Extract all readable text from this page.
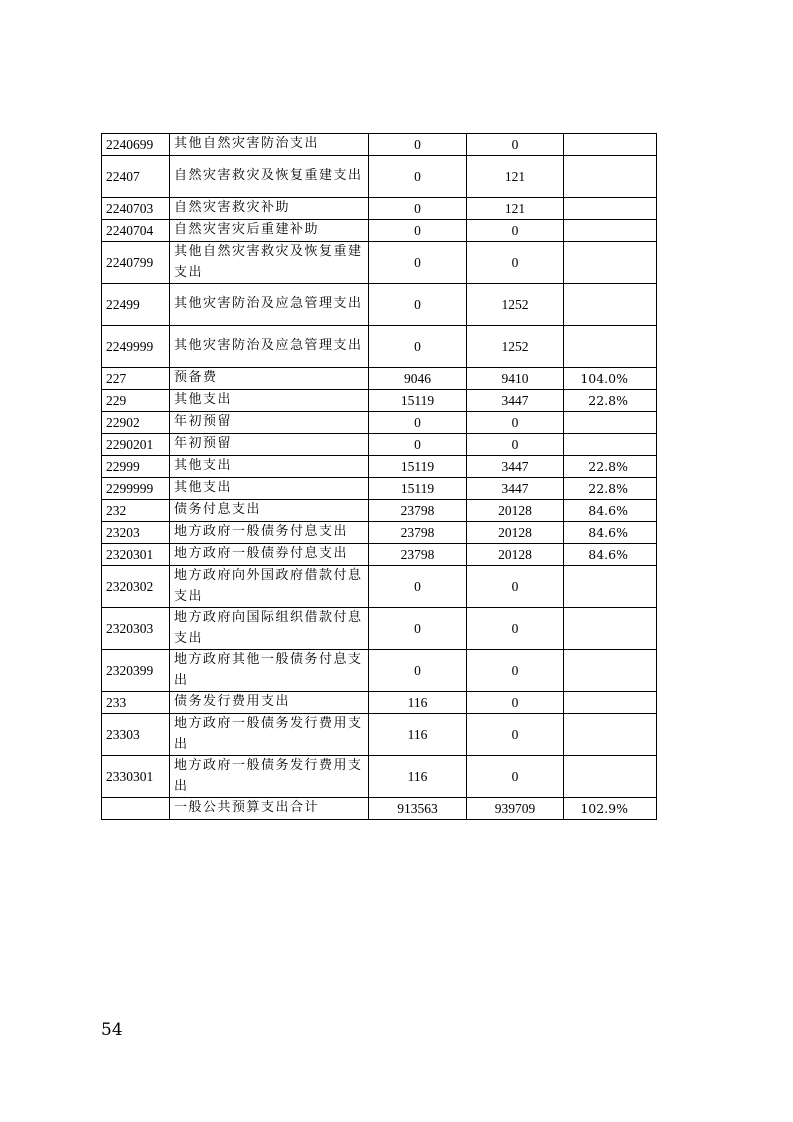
2240699	其他自然灾害防治支出	0	0	
22407	自然灾害救灾及恢复重建支出	0	121	
2240703	自然灾害救灾补助	0	121	
2240704	自然灾害灾后重建补助	0	0	
2240799	其他自然灾害救灾及恢复重建支出	0	0	
22499	其他灾害防治及应急管理支出	0	1252	
2249999	其他灾害防治及应急管理支出	0	1252	
227	预备费	9046	9410	104.0%
229	其他支出	15119	3447	22.8%
22902	年初预留	0	0	
2290201	年初预留	0	0	
22999	其他支出	15119	3447	22.8%
2299999	其他支出	15119	3447	22.8%
232	债务付息支出	23798	20128	84.6%
23203	地方政府一般债务付息支出	23798	20128	84.6%
2320301	地方政府一般债券付息支出	23798	20128	84.6%
2320302	地方政府向外国政府借款付息支出	0	0	
2320303	地方政府向国际组织借款付息支出	0	0	
2320399	地方政府其他一般债务付息支出	0	0	
233	债务发行费用支出	116	0	
23303	地方政府一般债务发行费用支出	116	0	
2330301	地方政府一般债务发行费用支出	116	0	
	一般公共预算支出合计	913563	939709	102.9%
54
